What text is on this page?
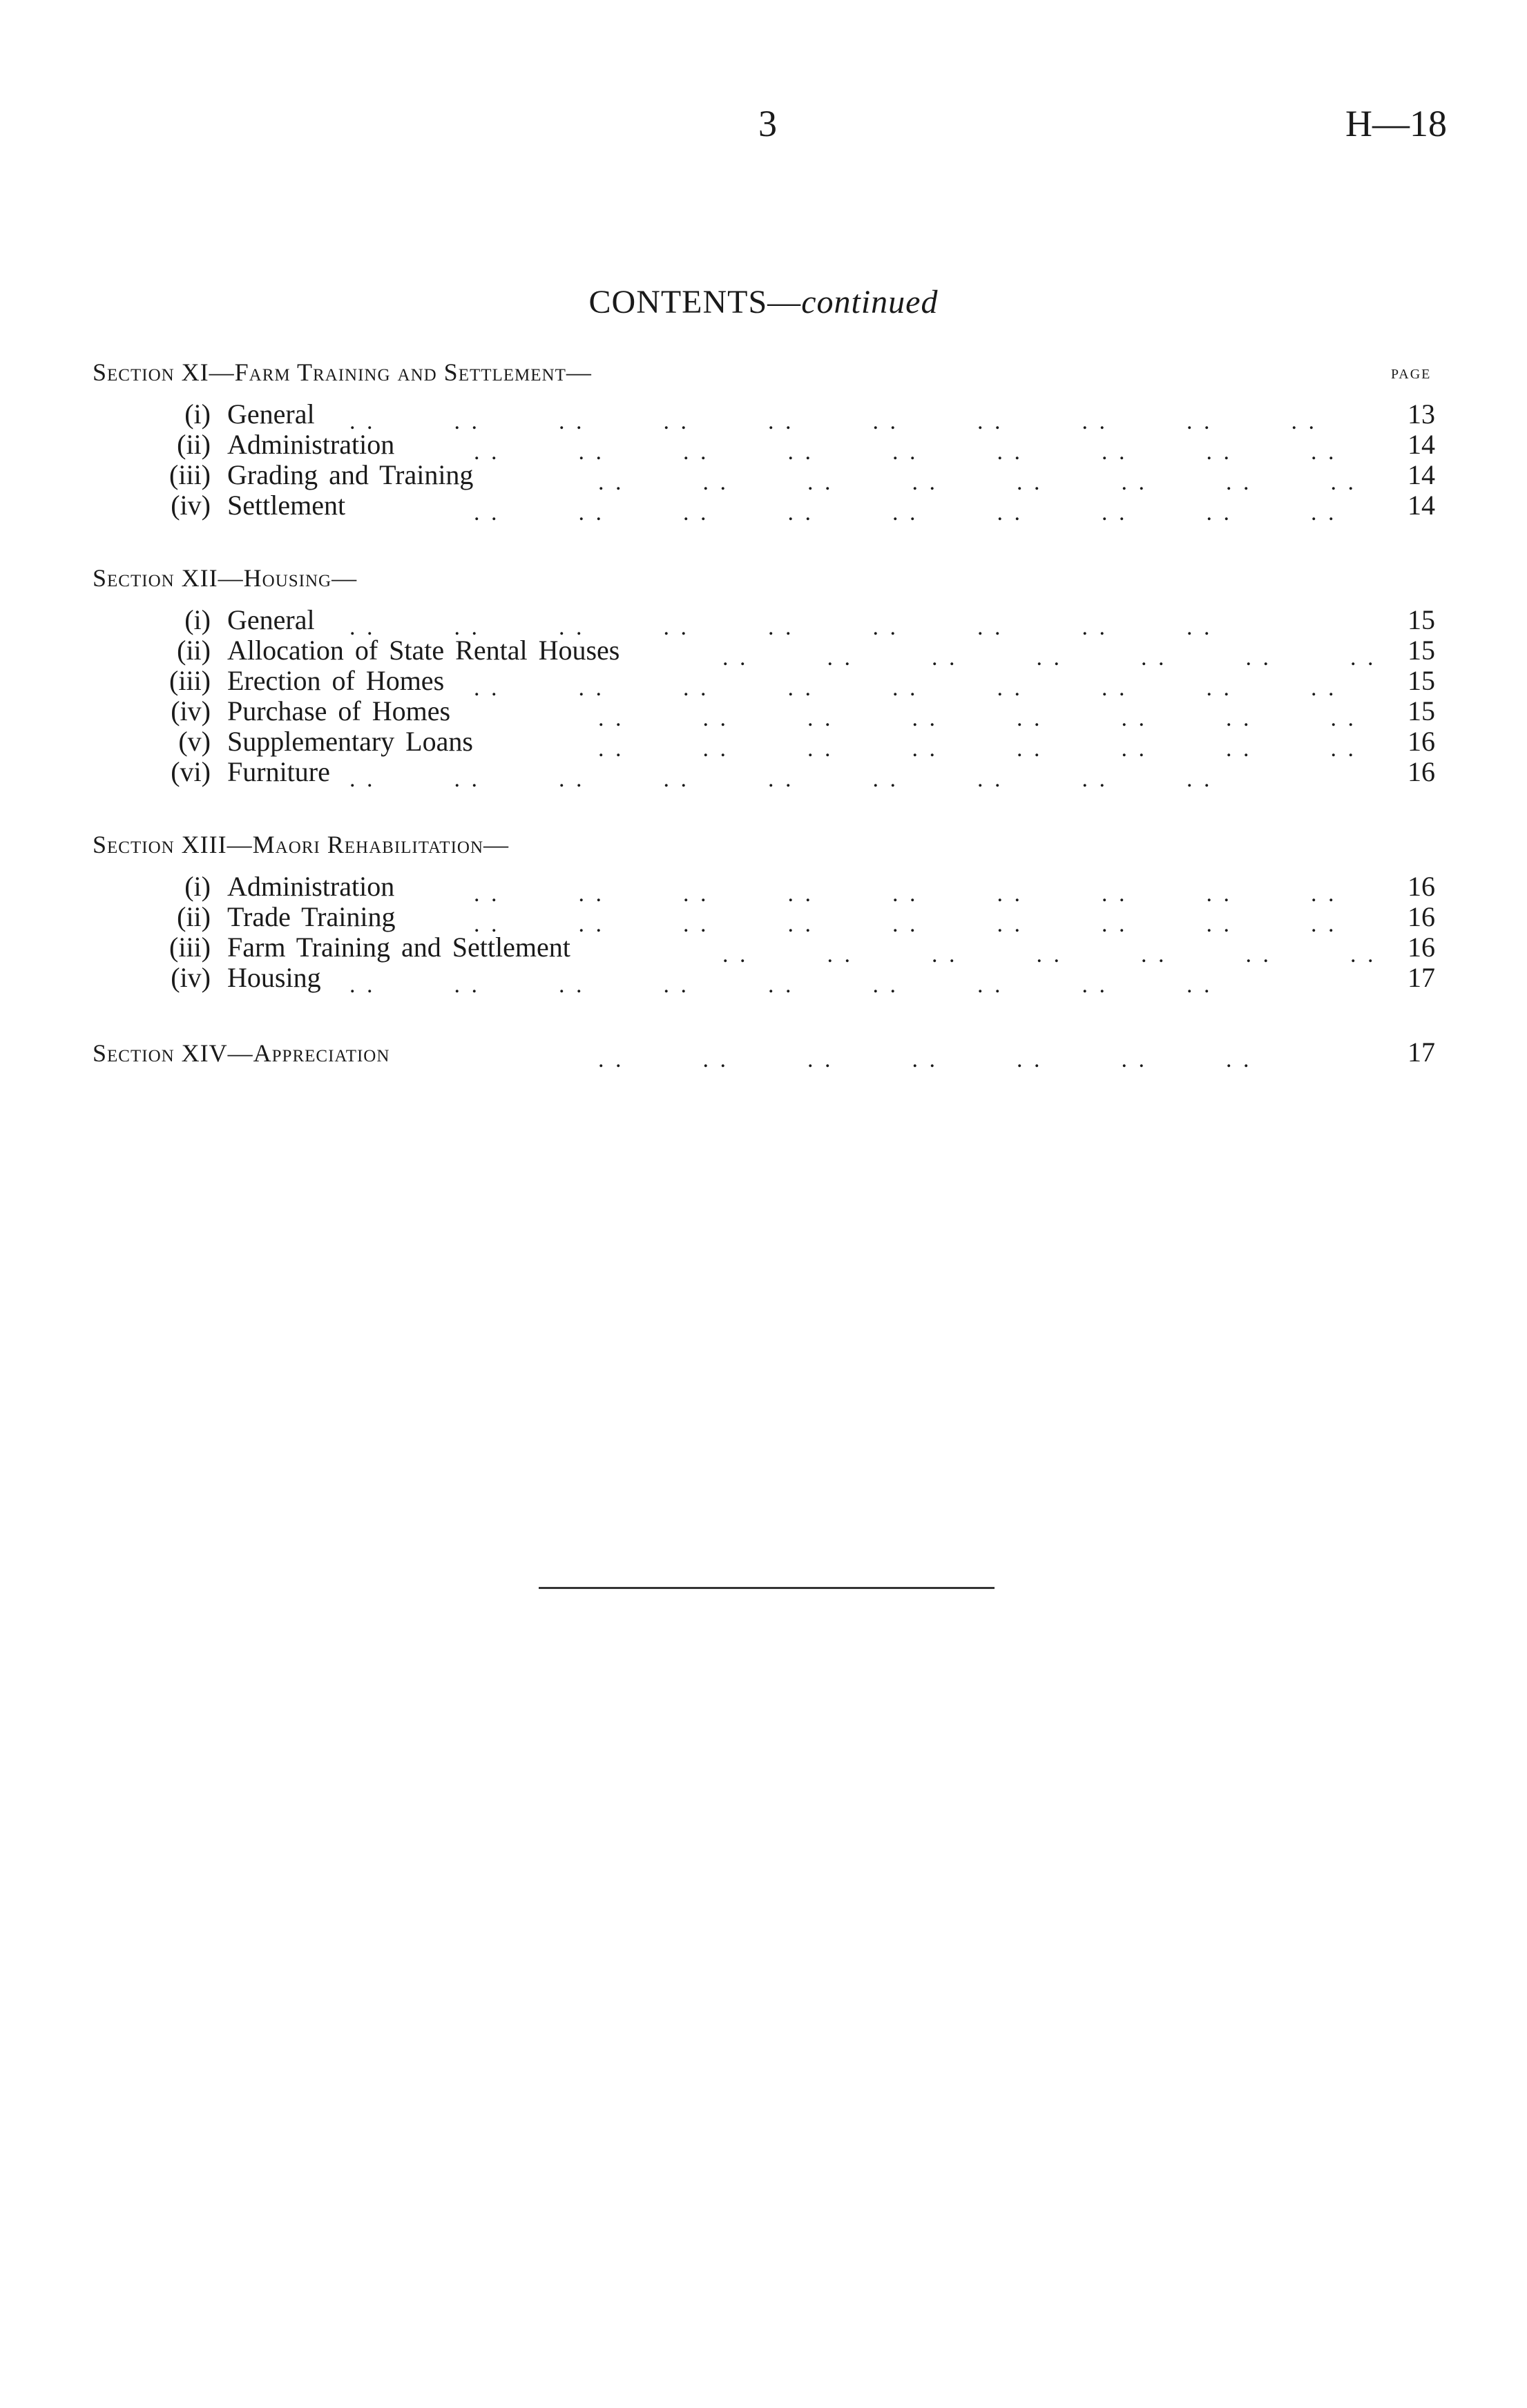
3	H—18
CONTENTS—continued
page
Section XI—Farm Training and Settlement—
(i) General . .   . .   . .   . .   . .   . .   . .   . .   . .   . .	13
(ii) Administration	. .   . .   . .   . .   . .   . .   . .   . .   . .	14
(iii) Grading and Training	. .   . .   . .   . .   . .   . .   . .   . . 14
(iv) Settlement	. .   . .   . .   . .   . .   . .   . .   . .   . .	14
Section XII—Housing—
(i) General . .   . .   . .   . .   . .   . .   . .   . .   . .	15
(ii) Allocation of State Rental Houses	. .   . .   . .   . .   . .   . .   . . 15
(iii) Erection of Homes . .   . .   . .   . .   . .   . .   . .   . .   . .	15
(iv) Purchase of Homes	. .   . .   . .   . .   . .   . .   . .   . . 15
(v) Supplementary Loans	. .   . .   . .   . .   . .   . .   . .   . . 16
(vi) Furniture . .   . .   . .   . .   . .   . .   . .   . .   . .	16
Section XIII—Maori Rehabilitation—
(i) Administration	. .   . .   . .   . .   . .   . .   . .   . .   . .	16
(ii) Trade Training	. .   . .   . .   . .   . .   . .   . .   . .   . .	16
(iii) Farm Training and Settlement	. .   . .   . .   . .   . .   . .   . . 16
(iv) Housing . .   . .   . .   . .   . .   . .   . .   . .   . .	17
Section XIV—Appreciation	. .   . .   . .   . .   . .   . .   . .	17
